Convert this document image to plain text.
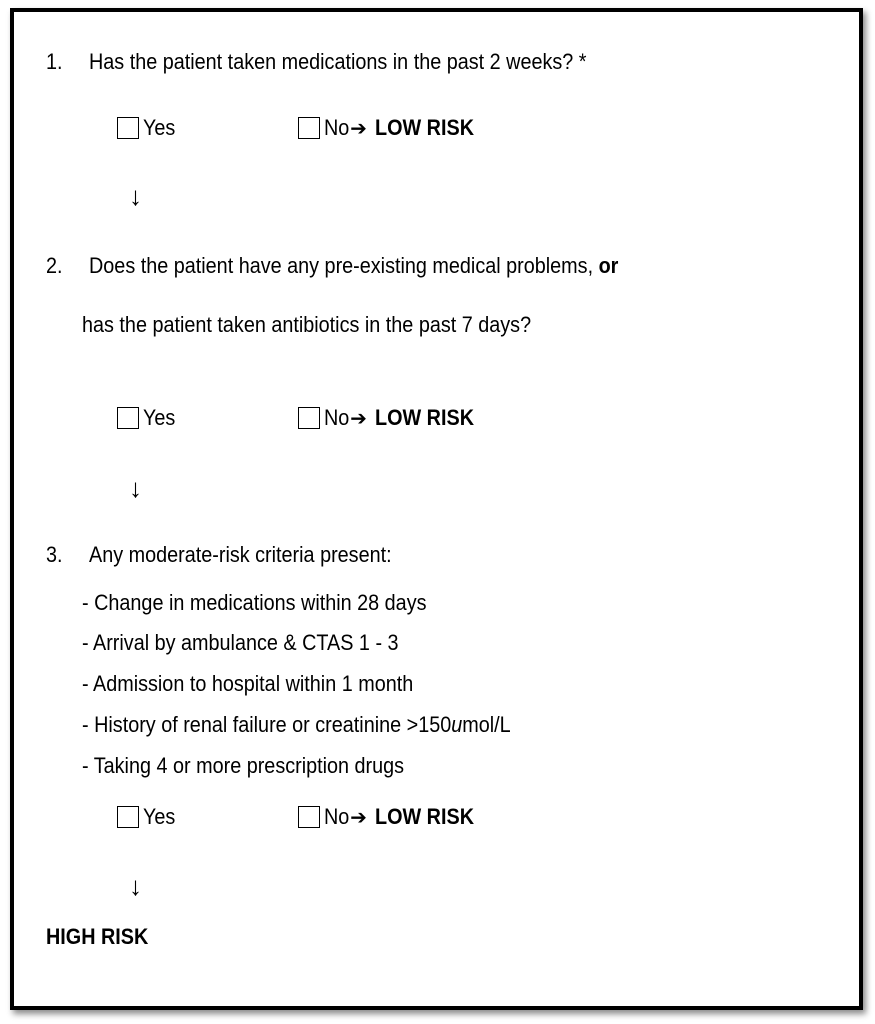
1. Has the patient taken medications in the past 2 weeks? *
Yes	No ➔ LOW RISK
↓
2. Does the patient have any pre-existing medical problems, or
has the patient taken antibiotics in the past 7 days?
Yes	No ➔ LOW RISK
↓
3. Any moderate-risk criteria present:
- Change in medications within 28 days
- Arrival by ambulance & CTAS 1 - 3
- Admission to hospital within 1 month
- History of renal failure or creatinine >150umol/L
- Taking 4 or more prescription drugs
Yes	No ➔ LOW RISK
↓
HIGH RISK
